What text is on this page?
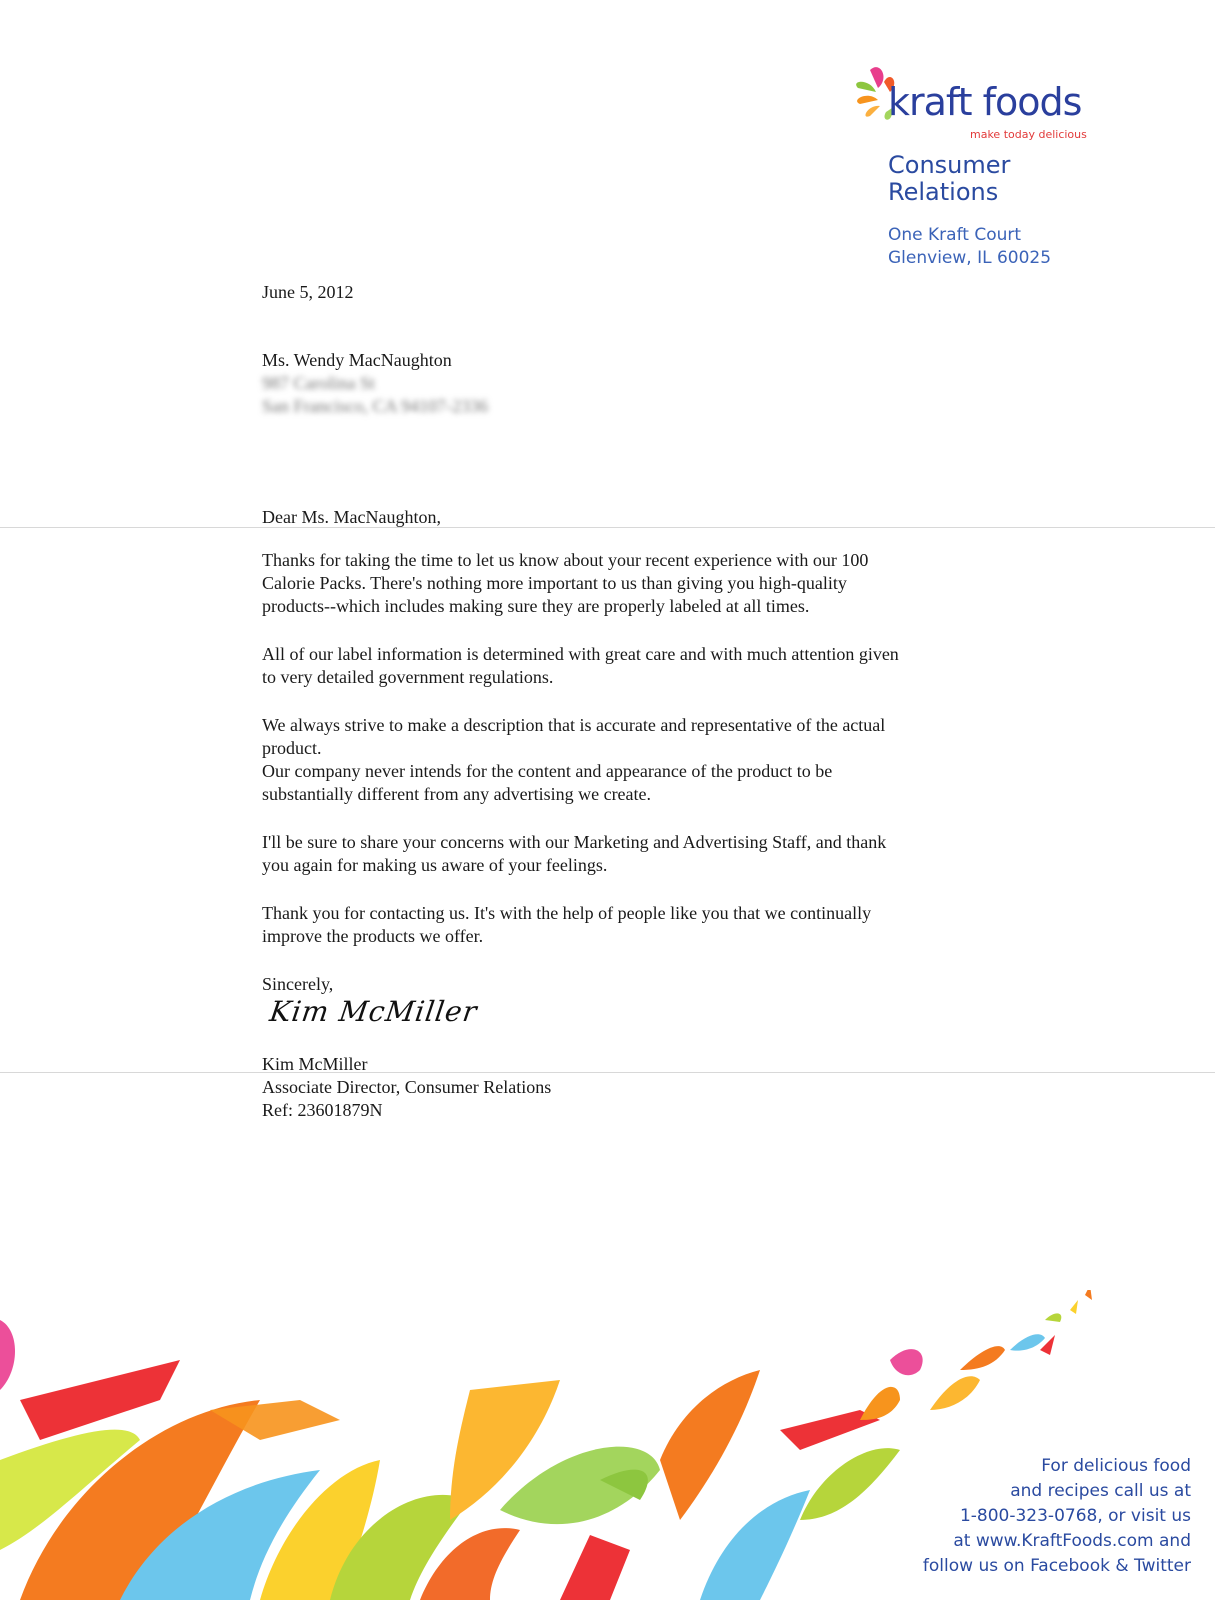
kraft foods
make today delicious
Consumer
Relations
One Kraft Court
Glenview, IL 60025
June 5, 2012
Ms. Wendy MacNaughton
987 Carolina St
San Francisco, CA 94107-2336

Dear Ms. MacNaughton,

Thanks for taking the time to let us know about your recent experience with our 100
Calorie Packs. There's nothing more important to us than giving you high-quality
products--which includes making sure they are properly labeled at all times.

All of our label information is determined with great care and with much attention given
to very detailed government regulations.

We always strive to make a description that is accurate and representative of the actual
product.
Our company never intends for the content and appearance of the product to be
substantially different from any advertising we create.

I'll be sure to share your concerns with our Marketing and Advertising Staff, and thank
you again for making us aware of your feelings.

Thank you for contacting us. It's with the help of people like you that we continually
improve the products we offer.

Sincerely,

Kim McMiller
Kim McMiller
Associate Director, Consumer Relations
Ref: 23601879N
For delicious food
and recipes call us at
1-800-323-0768, or visit us
at www.KraftFoods.com and
follow us on Facebook & Twitter
